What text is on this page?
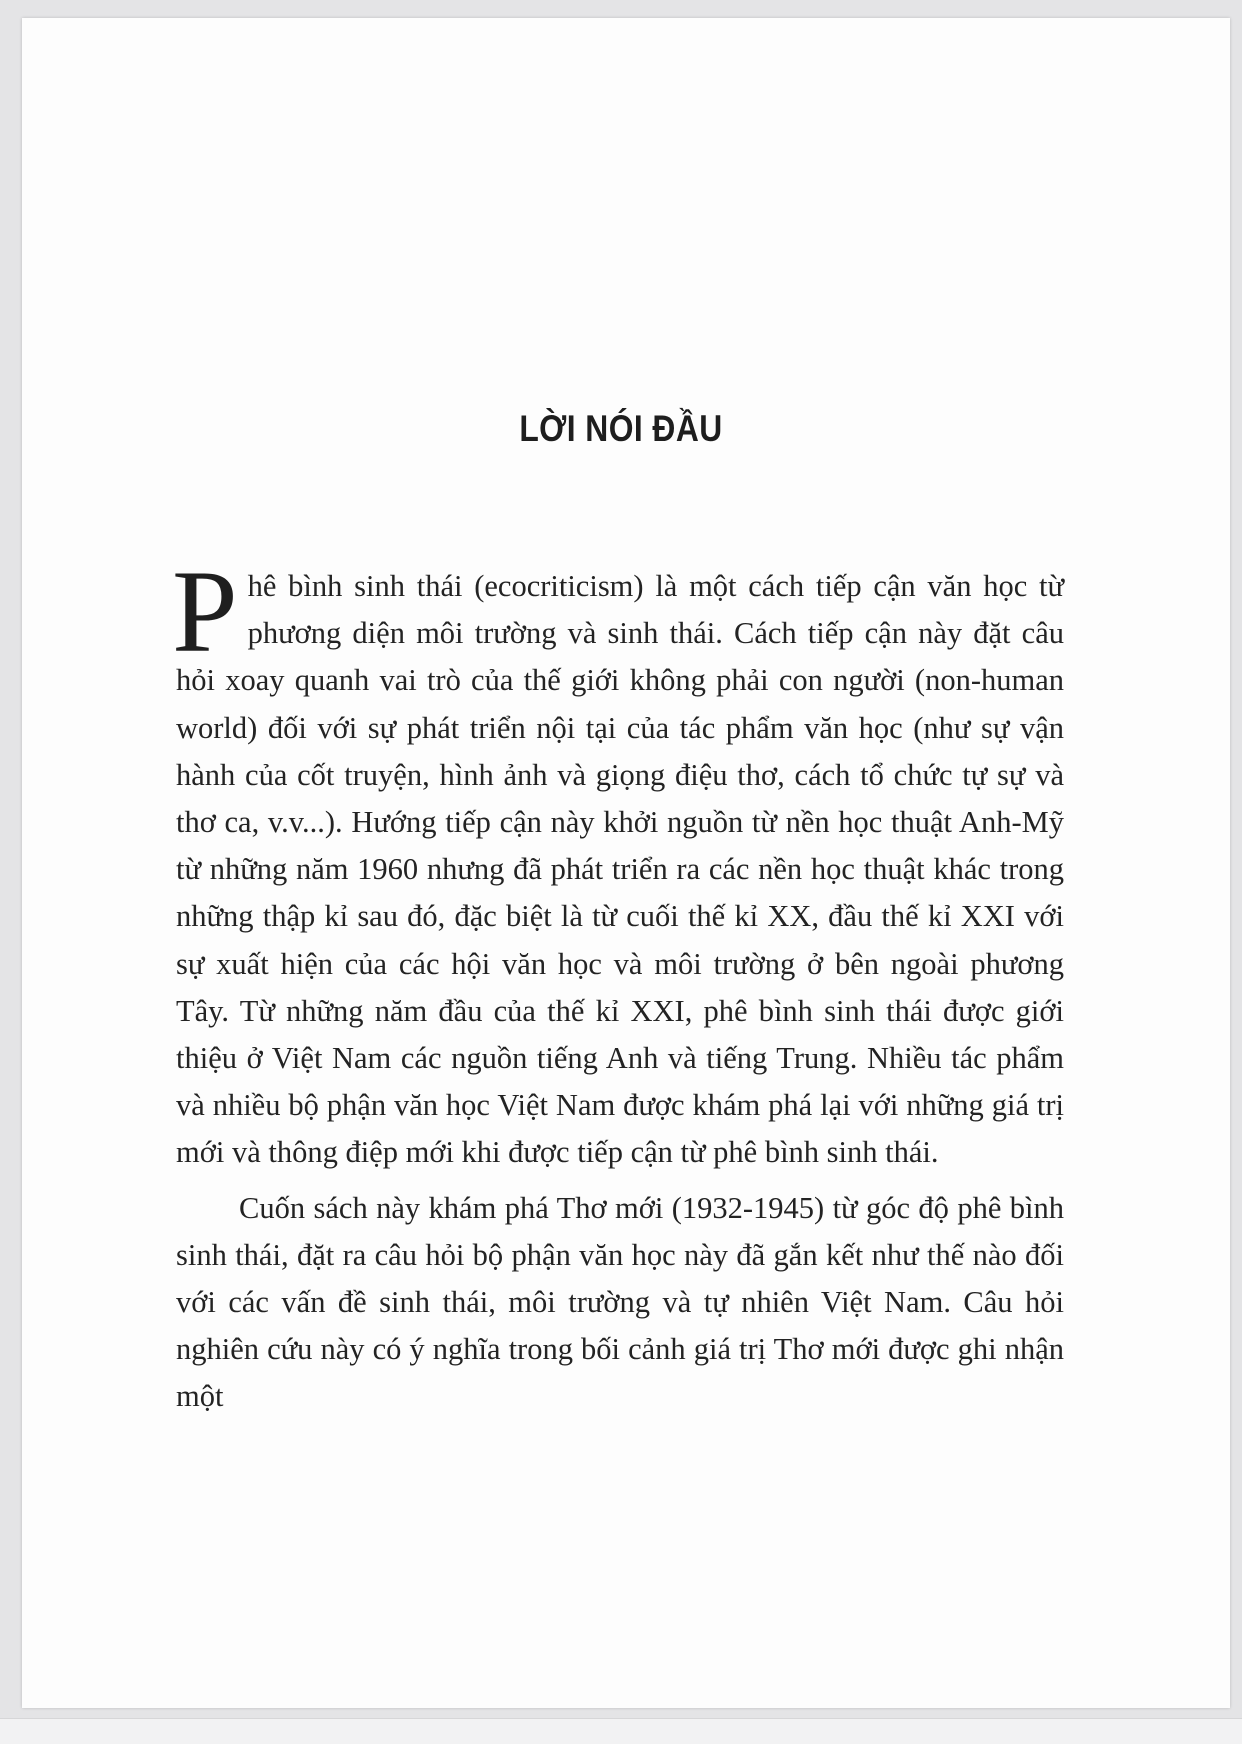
LỜI NÓI ĐẦU

Phê bình sinh thái (ecocriticism) là một cách tiếp cận văn học từ phương diện môi trường và sinh thái. Cách tiếp cận này đặt câu hỏi xoay quanh vai trò của thế giới không phải con người (non-human world) đối với sự phát triển nội tại của tác phẩm văn học (như sự vận hành của cốt truyện, hình ảnh và giọng điệu thơ, cách tổ chức tự sự và thơ ca, v.v...). Hướng tiếp cận này khởi nguồn từ nền học thuật Anh-Mỹ từ những năm 1960 nhưng đã phát triển ra các nền học thuật khác trong những thập kỉ sau đó, đặc biệt là từ cuối thế kỉ XX, đầu thế kỉ XXI với sự xuất hiện của các hội văn học và môi trường ở bên ngoài phương Tây. Từ những năm đầu của thế kỉ XXI, phê bình sinh thái được giới thiệu ở Việt Nam các nguồn tiếng Anh và tiếng Trung. Nhiều tác phẩm và nhiều bộ phận văn học Việt Nam được khám phá lại với những giá trị mới và thông điệp mới khi được tiếp cận từ phê bình sinh thái.

Cuốn sách này khám phá Thơ mới (1932-1945) từ góc độ phê bình sinh thái, đặt ra câu hỏi bộ phận văn học này đã gắn kết như thế nào đối với các vấn đề sinh thái, môi trường và tự nhiên Việt Nam. Câu hỏi nghiên cứu này có ý nghĩa trong bối cảnh giá trị Thơ mới được ghi nhận một
